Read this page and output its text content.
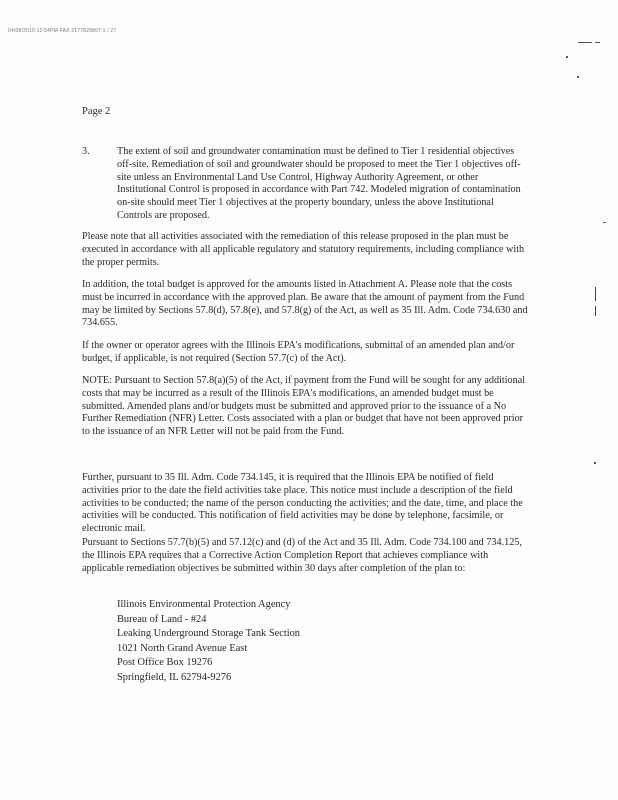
04/08/2010 12:54PM FAX 2177829807 1 / 27
Page 2
3.	The extent of soil and groundwater contamination must be defined to Tier 1 residential objectives off-site. Remediation of soil and groundwater should be proposed to meet the Tier 1 objectives off-site unless an Environmental Land Use Control, Highway Authority Agreement, or other Institutional Control is proposed in accordance with Part 742. Modeled migration of contamination on-site should meet Tier 1 objectives at the property boundary, unless the above Institutional Controls are proposed.

Please note that all activities associated with the remediation of this release proposed in the plan must be executed in accordance with all applicable regulatory and statutory requirements, including compliance with the proper permits.

In addition, the total budget is approved for the amounts listed in Attachment A. Please note that the costs must be incurred in accordance with the approved plan. Be aware that the amount of payment from the Fund may be limited by Sections 57.8(d), 57.8(e), and 57.8(g) of the Act, as well as 35 Ill. Adm. Code 734.630 and 734.655.

If the owner or operator agrees with the Illinois EPA's modifications, submittal of an amended plan and/or budget, if applicable, is not required (Section 57.7(c) of the Act).

NOTE: Pursuant to Section 57.8(a)(5) of the Act, if payment from the Fund will be sought for any additional costs that may be incurred as a result of the Illinois EPA's modifications, an amended budget must be submitted. Amended plans and/or budgets must be submitted and approved prior to the issuance of a No Further Remediation (NFR) Letter. Costs associated with a plan or budget that have not been approved prior to the issuance of an NFR Letter will not be paid from the Fund.

Further, pursuant to 35 Ill. Adm. Code 734.145, it is required that the Illinois EPA be notified of field activities prior to the date the field activities take place. This notice must include a description of the field activities to be conducted; the name of the person conducting the activities; and the date, time, and place the activities will be conducted. This notification of field activities may be done by telephone, facsimile, or electronic mail.

Pursuant to Sections 57.7(b)(5) and 57.12(c) and (d) of the Act and 35 Ill. Adm. Code 734.100 and 734.125, the Illinois EPA requires that a Corrective Action Completion Report that achieves compliance with applicable remediation objectives be submitted within 30 days after completion of the plan to:

Illinois Environmental Protection Agency
Bureau of Land - #24
Leaking Underground Storage Tank Section
1021 North Grand Avenue East
Post Office Box 19276
Springfield, IL 62794-9276
